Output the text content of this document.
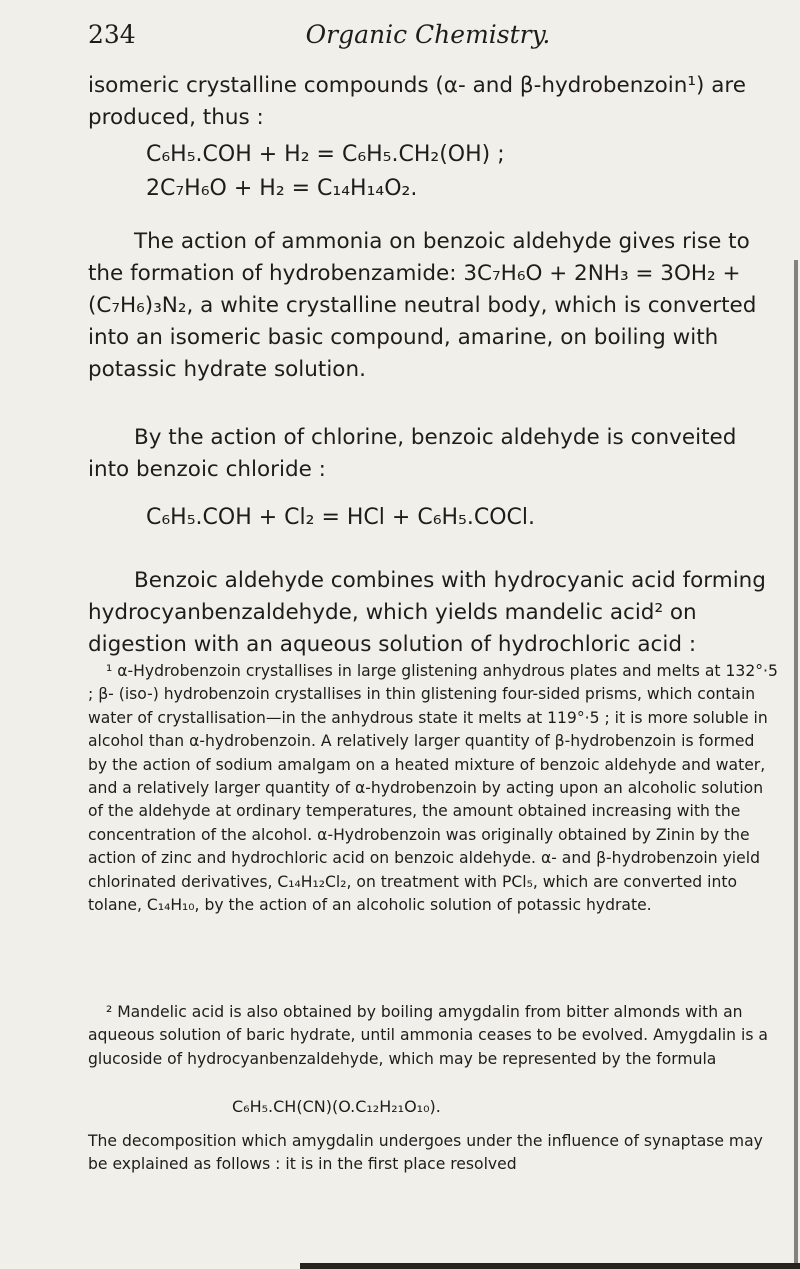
234	Organic Chemistry.

isomeric crystalline compounds (α- and β-hydrobenzoin¹) are produced, thus :

C₆H₅.COH + H₂ = C₆H₅.CH₂(OH) ;
2C₇H₆O + H₂ = C₁₄H₁₄O₂.

The action of ammonia on benzoic aldehyde gives rise to the formation of hydrobenzamide: 3C₇H₆O + 2NH₃ = 3OH₂ + (C₇H₆)₃N₂, a white crystalline neutral body, which is converted into an isomeric basic compound, amarine, on boiling with potassic hydrate solution.

By the action of chlorine, benzoic aldehyde is conveited into benzoic chloride :

C₆H₅.COH + Cl₂ = HCl + C₆H₅.COCl.

Benzoic aldehyde combines with hydrocyanic acid forming hydrocyanbenzaldehyde, which yields mandelic acid² on digestion with an aqueous solution of hydrochloric acid :

¹ α-Hydrobenzoin crystallises in large glistening anhydrous plates and melts at 132°·5 ; β- (iso-) hydrobenzoin crystallises in thin glistening four-sided prisms, which contain water of crystallisation—in the anhydrous state it melts at 119°·5 ; it is more soluble in alcohol than α-hydrobenzoin. A relatively larger quantity of β-hydrobenzoin is formed by the action of sodium amalgam on a heated mixture of benzoic aldehyde and water, and a relatively larger quantity of α-hydrobenzoin by acting upon an alcoholic solution of the aldehyde at ordinary temperatures, the amount obtained increasing with the concentration of the alcohol. α-Hydrobenzoin was originally obtained by Zinin by the action of zinc and hydrochloric acid on benzoic aldehyde. α- and β-hydrobenzoin yield chlorinated derivatives, C₁₄H₁₂Cl₂, on treatment with PCl₅, which are converted into tolane, C₁₄H₁₀, by the action of an alcoholic solution of potassic hydrate.

² Mandelic acid is also obtained by boiling amygdalin from bitter almonds with an aqueous solution of baric hydrate, until ammonia ceases to be evolved. Amygdalin is a glucoside of hydrocyanbenzaldehyde, which may be represented by the formula

C₆H₅.CH(CN)(O.C₁₂H₂₁O₁₀).

The decomposition which amygdalin undergoes under the influence of synaptase may be explained as follows : it is in the first place resolved
